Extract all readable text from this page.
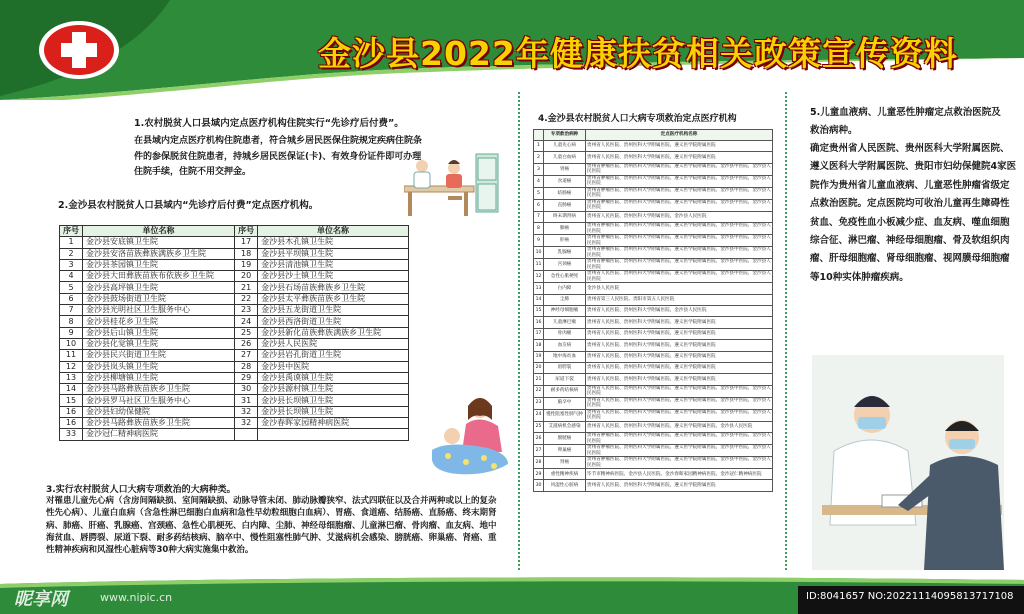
金沙县2022年健康扶贫相关政策宣传资料
1.农村脱贫人口县域内定点医疗机构住院实行“先诊疗后付费”。
在县域内定点医疗机构住院患者，符合城乡居民医保住院规定疾病住院条件的参保脱贫住院患者，持城乡居民医保证(卡)、有效身份证件即可办理住院手续，住院不用交押金。
2.金沙县农村脱贫人口县域内“先诊疗后付费”定点医疗机构。
序号	单位名称	序号	单位名称
1	金沙县安底镇卫生院	17	金沙县木孔镇卫生院
2	金沙县安洛苗族彝族满族乡卫生院	18	金沙县平坝镇卫生院
3	金沙县茶园镇卫生院	19	金沙县清池镇卫生院
4	金沙县大田彝族苗族布依族乡卫生院	20	金沙县沙土镇卫生院
5	金沙县高坪镇卫生院	21	金沙县石场苗族彝族乡卫生院
6	金沙县鼓场街道卫生院	22	金沙县太平彝族苗族乡卫生院
7	金沙县光明社区卫生服务中心	23	金沙县五龙街道卫生院
8	金沙县桂花乡卫生院	24	金沙县西洛街道卫生院
9	金沙县后山镇卫生院	25	金沙县新化苗族彝族满族乡卫生院
10	金沙县化觉镇卫生院	26	金沙县人民医院
11	金沙县民兴街道卫生院	27	金沙县岩孔街道卫生院
12	金沙县岚头镇卫生院	28	金沙县中医院
13	金沙县柳塘镇卫生院	29	金沙县禹谟镇卫生院
14	金沙县马路彝族苗族乡卫生院	30	金沙县源村镇卫生院
15	金沙县罗马社区卫生服务中心	31	金沙县长坝镇卫生院
16	金沙县妇幼保健院	32	金沙县长坝镇卫生院
16	金沙县马路彝族苗族乡卫生院	32	金沙春晖家园精神病医院
33	金沙冠仁精神病医院		
3.实行农村脱贫人口大病专项救治的大病种类。
对罹患儿童先心病（含房间隔缺损、室间隔缺损、动脉导管未闭、肺动脉瓣狭窄、法式四联征以及合并两种或以上的复杂性先心病）、儿童白血病（含急性淋巴细胞白血病和急性早幼粒细胞白血病）、胃癌、食道癌、结肠癌、直肠癌、终末期肾病、肺癌、肝癌、乳腺癌、宫颈癌、急性心肌梗死、白内障、尘肺、神经母细胞瘤、儿童淋巴瘤、骨肉瘤、血友病、地中海贫血、唇腭裂、尿道下裂、耐多药结核病、脑卒中、慢性阻塞性肺气肿、艾滋病机会感染、膀胱癌、卵巢癌、肾癌、重性精神疾病和风湿性心脏病等30种大病实施集中救治。
4.金沙县农村脱贫人口大病专项救治定点医疗机构
	专项救治病种	定点医疗机构名称
1	儿童先心病	贵州省人民医院、贵州医科大学附属医院、遵义医学院附属医院
2	儿童白血病	贵州省人民医院、贵州医科大学附属医院、遵义医学院附属医院
3	胃癌	贵州省肿瘤医院、贵州医科大学附属医院、遵义医学院附属医院、金沙县中医院、金沙县人民医院
4	食道癌	贵州省肿瘤医院、贵州医科大学附属医院、遵义医学院附属医院、金沙县中医院、金沙县人民医院
5	结肠癌	贵州省肿瘤医院、贵州医科大学附属医院、遵义医学院附属医院、金沙县中医院、金沙县人民医院
6	直肠癌	贵州省肿瘤医院、贵州医科大学附属医院、遵义医学院附属医院、金沙县中医院、金沙县人民医院
7	终末期肾病	贵州省人民医院、贵州医科大学附属医院、金沙县人民医院
8	肺癌	贵州省肿瘤医院、贵州医科大学附属医院、遵义医学院附属医院、金沙县中医院、金沙县人民医院
9	肝癌	贵州省肿瘤医院、贵州医科大学附属医院、遵义医学院附属医院、金沙县中医院、金沙县人民医院
10	乳腺癌	贵州省肿瘤医院、贵州医科大学附属医院、遵义医学院附属医院、金沙县中医院、金沙县人民医院
11	宫颈癌	贵州省肿瘤医院、贵州医科大学附属医院、遵义医学院附属医院、金沙县中医院、金沙县人民医院
12	急性心肌梗死	贵州省人民医院、贵州医科大学附属医院、遵义医学院附属医院、金沙县中医院、金沙县人民医院
13	白内障	金沙县人民医院
14	尘肺	贵州省第三人民医院、贵阳市第五人民医院
15	神经母细胞瘤	贵州省人民医院、贵州医科大学附属医院、金沙县人民医院
16	儿童淋巴瘤	贵州省人民医院、贵州医科大学附属医院、遵义医学院附属医院
17	骨肉瘤	贵州省人民医院、贵州医科大学附属医院、遵义医学院附属医院
18	血友病	贵州省人民医院、贵州医科大学附属医院、遵义医学院附属医院
19	地中海贫血	贵州省人民医院、贵州医科大学附属医院、遵义医学院附属医院
20	唇腭裂	贵州省人民医院、贵州医科大学附属医院、遵义医学院附属医院
21	尿道下裂	贵州省人民医院、贵州医科大学附属医院、遵义医学院附属医院
22	耐多药结核病	贵州省人民医院、贵州医科大学附属医院、遵义医学院附属医院、金沙县中医院、金沙县人民医院
23	脑卒中	贵州省人民医院、贵州医科大学附属医院、遵义医学院附属医院、金沙县中医院、金沙县人民医院
24	慢性阻塞性肺气肿	贵州省人民医院、贵州医科大学附属医院、遵义医学院附属医院、金沙县中医院、金沙县人民医院
25	艾滋病机会感染	贵州省人民医院、贵州医科大学附属医院、遵义医学院附属医院、金沙县人民医院
26	膀胱癌	贵州省肿瘤医院、贵州医科大学附属医院、遵义医学院附属医院、金沙县中医院、金沙县人民医院
27	卵巢癌	贵州省肿瘤医院、贵州医科大学附属医院、遵义医学院附属医院、金沙县中医院、金沙县人民医院
28	肾癌	贵州省肿瘤医院、贵州医科大学附属医院、遵义医学院附属医院、金沙县中医院、金沙县人民医院
29	重性精神疾病	毕节市精神病医院、金沙县人民医院、金沙春晖家园精神病医院、金沙冠仁精神病医院
30	风湿性心脏病	贵州省人民医院、贵州医科大学附属医院、遵义医学院附属医院
5.儿童血液病、儿童恶性肿瘤定点救治医院及救治病种。
确定贵州省人民医院、贵州医科大学附属医院、遵义医科大学附属医院、贵阳市妇幼保健院4家医院作为贵州省儿童血液病、儿童恶性肿瘤省级定点救治医院。定点医院均可收治儿童再生障碍性贫血、免疫性血小板减少症、血友病、噬血细胞综合征、淋巴瘤、神经母细胞瘤、骨及软组织肉瘤、肝母细胞瘤、肾母细胞瘤、视网膜母细胞瘤等10种实体肿瘤疾病。
昵享网	www.nipic.cn	ID:8041657 NO:20221114095813717108
